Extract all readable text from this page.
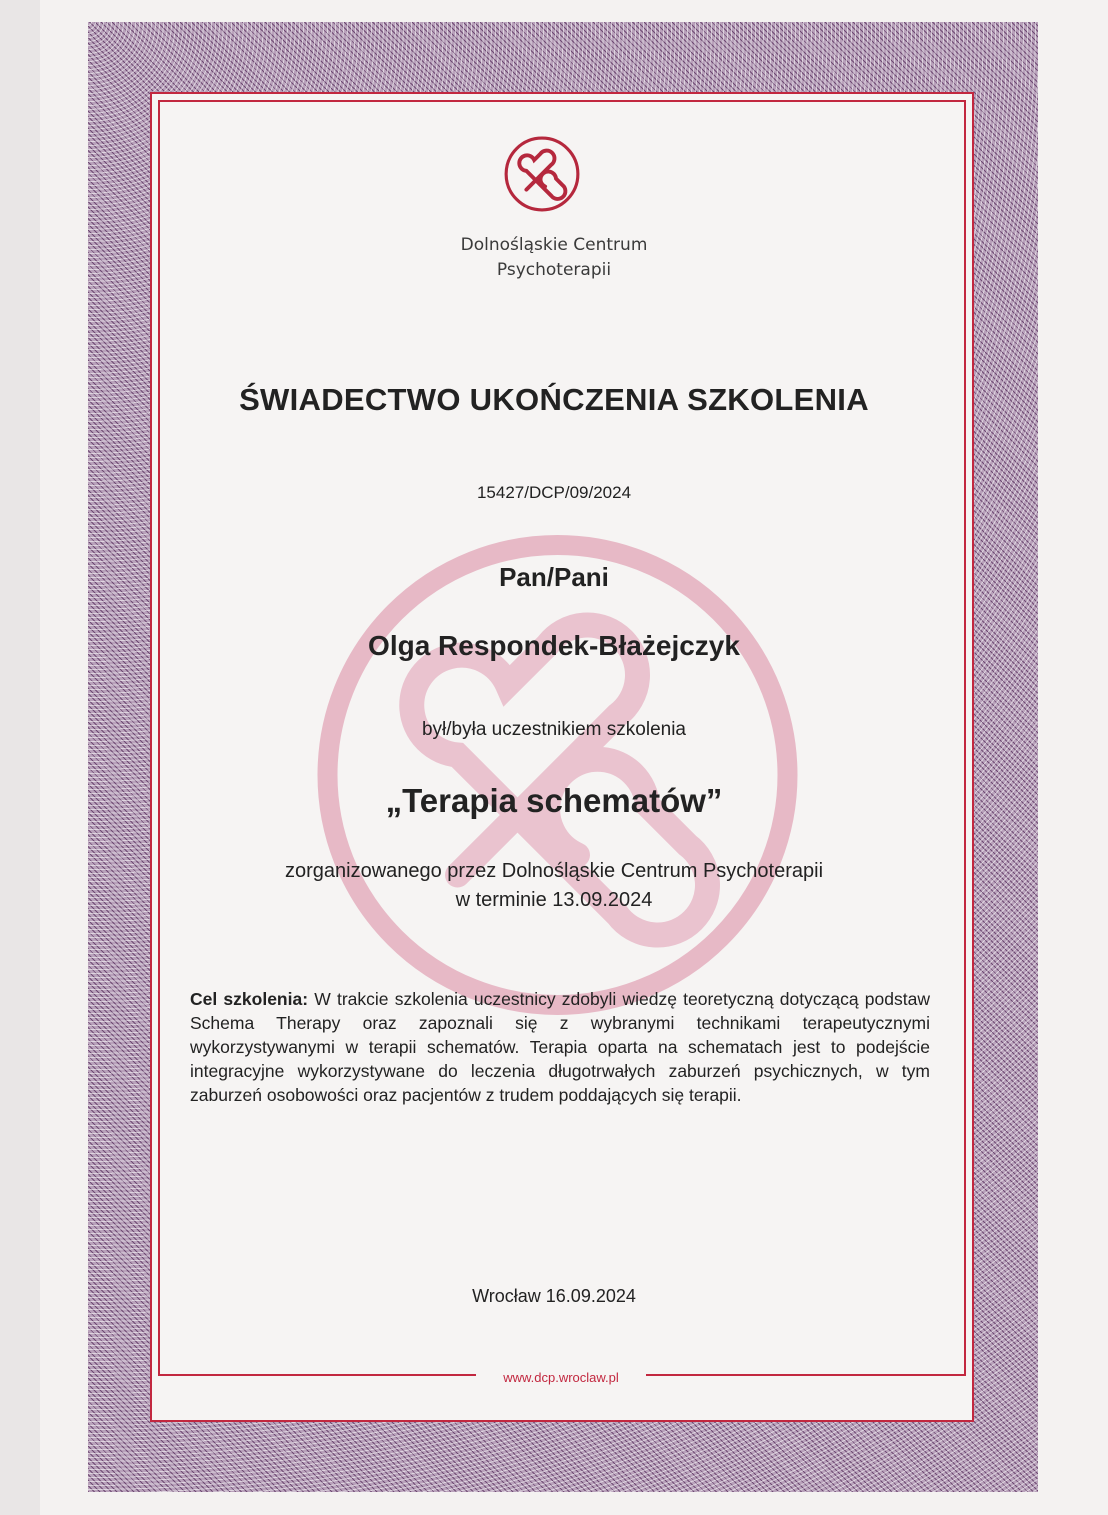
Dolnośląskie Centrum
Psychoterapii
ŚWIADECTWO UKOŃCZENIA SZKOLENIA
15427/DCP/09/2024
Pan/Pani
Olga Respondek-Błażejczyk
był/była uczestnikiem szkolenia
„Terapia schematów”
zorganizowanego przez Dolnośląskie Centrum Psychoterapii
w terminie 13.09.2024
Cel szkolenia: W trakcie szkolenia uczestnicy zdobyli wiedzę teoretyczną dotyczącą podstaw Schema Therapy oraz zapoznali się z wybranymi technikami terapeutycznymi wykorzystywanymi w terapii schematów. Terapia oparta na schematach jest to podejście integracyjne wykorzystywane do leczenia długotrwałych zaburzeń psychicznych, w tym zaburzeń osobowości oraz pacjentów z trudem poddających się terapii.
Wrocław 16.09.2024
www.dcp.wroclaw.pl
